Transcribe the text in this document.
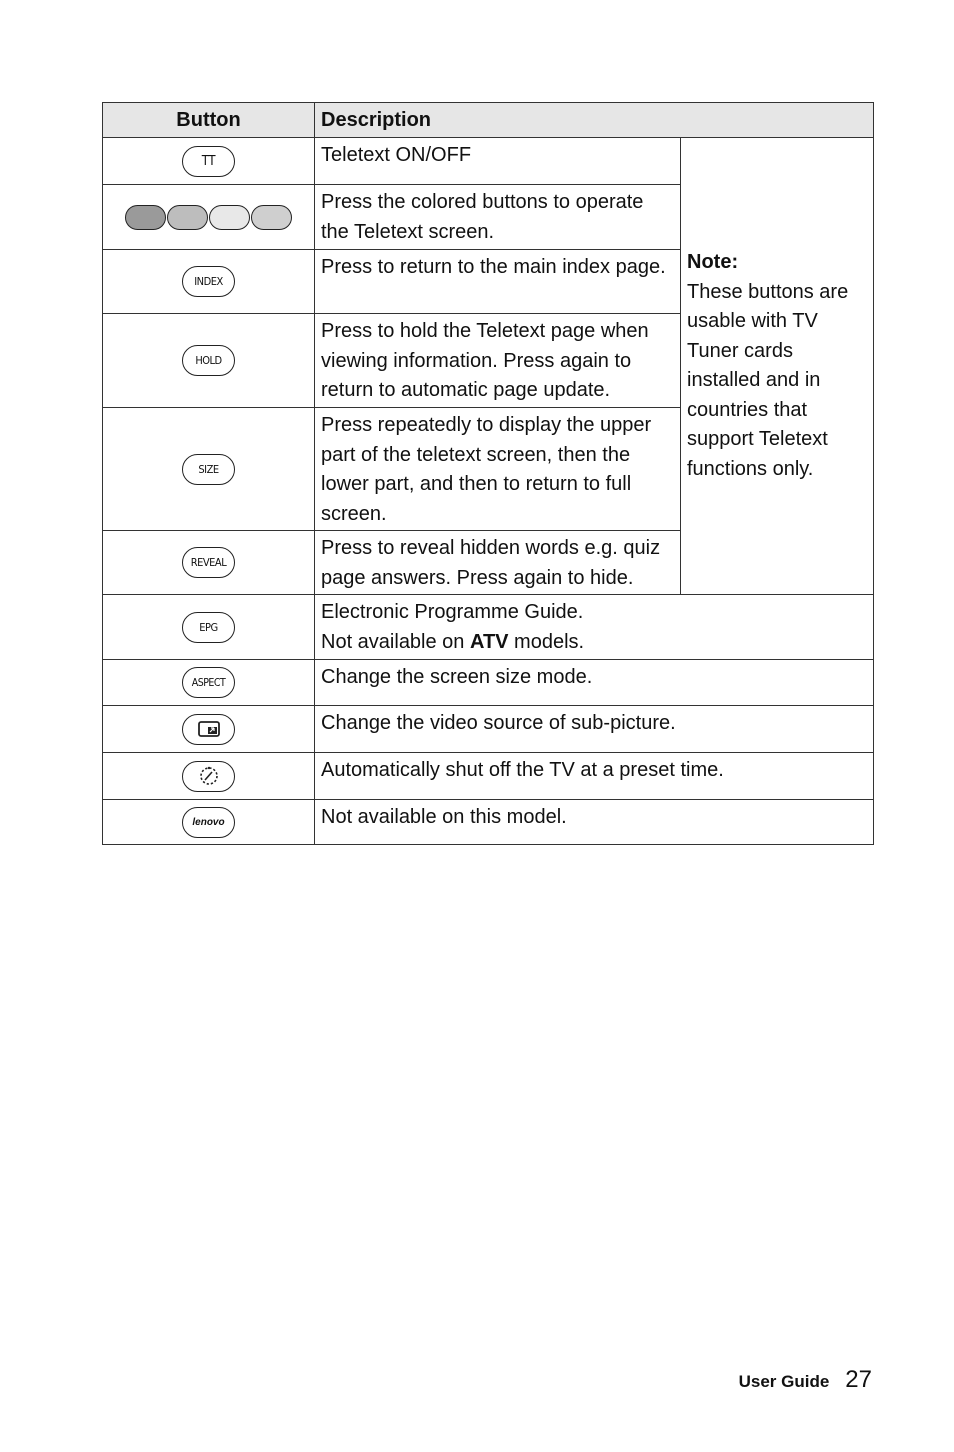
Button	Description	
TT	Teletext ON/OFF	Note:
These buttons are usable with TV Tuner cards installed and in countries that support Teletext functions only.

	Press the colored buttons to operate the Teletext screen.	
INDEX	Press to return to the main index page.	
HOLD	Press to hold the Teletext page when viewing information. Press again to return to automatic page update.	
SIZE	Press repeatedly to display the upper part of the teletext screen, then the lower part, and then to return to full screen.	
REVEAL	Press to reveal hidden words e.g. quiz page answers. Press again to hide.	
EPG	Electronic Programme Guide.
Not available on ATV models.	

ASPECT	Change the screen size mode.	

	Change the video source of sub-picture.	

	Automatically shut off the TV at a preset time.	
lenovo	Not available on this model.	
User Guide 27
